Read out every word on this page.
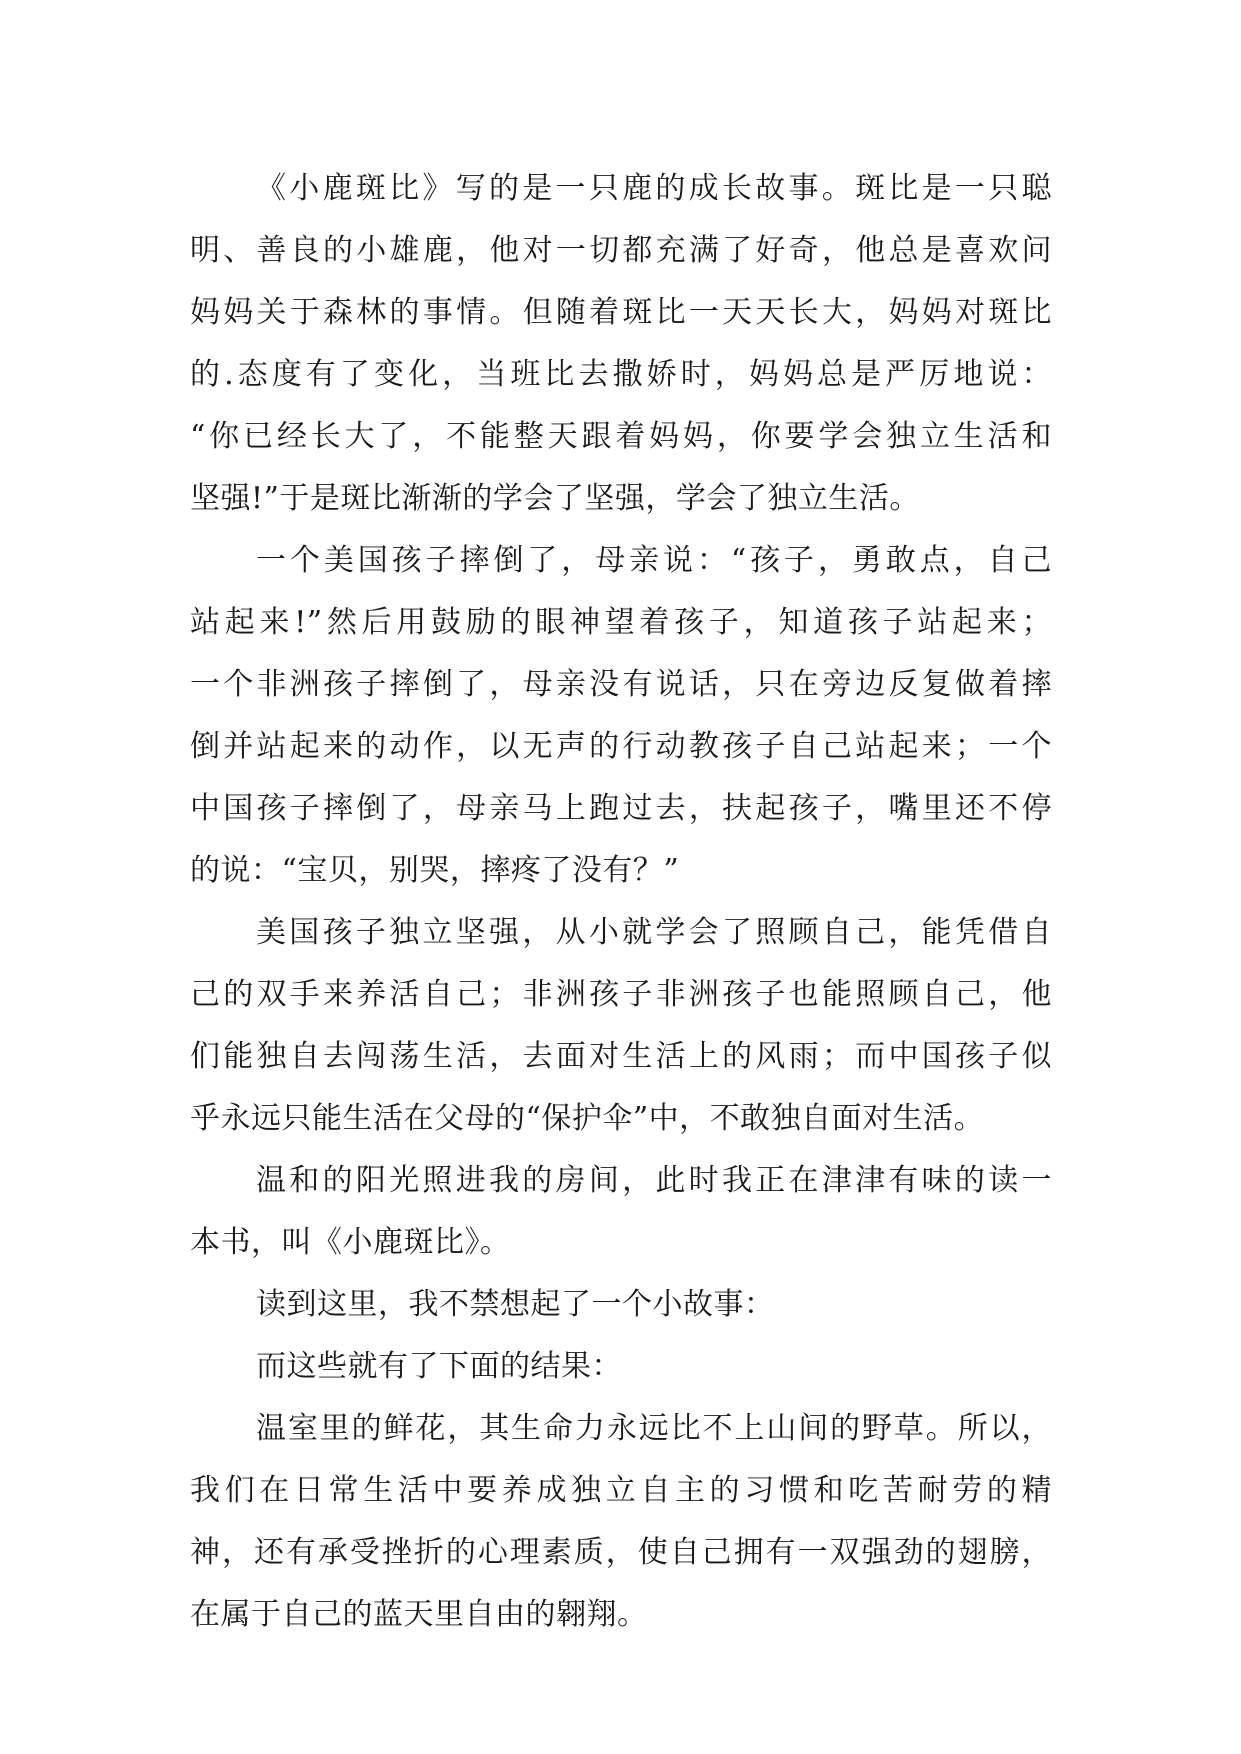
《小鹿斑比》写的是一只鹿的成长故事。斑比是一只聪
明、善良的小雄鹿，他对一切都充满了好奇，他总是喜欢问
妈妈关于森林的事情。但随着斑比一天天长大，妈妈对斑比
的.态度有了变化，当班比去撒娇时，妈妈总是严厉地说：
“你已经长大了，不能整天跟着妈妈，你要学会独立生活和
坚强!”于是斑比渐渐的学会了坚强，学会了独立生活。
一个美国孩子摔倒了，母亲说：“孩子，勇敢点，自己
站起来!”然后用鼓励的眼神望着孩子，知道孩子站起来；
一个非洲孩子摔倒了，母亲没有说话，只在旁边反复做着摔
倒并站起来的动作，以无声的行动教孩子自己站起来；一个
中国孩子摔倒了，母亲马上跑过去，扶起孩子，嘴里还不停
的说：“宝贝，别哭，摔疼了没有？”
美国孩子独立坚强，从小就学会了照顾自己，能凭借自
己的双手来养活自己；非洲孩子非洲孩子也能照顾自己，他
们能独自去闯荡生活，去面对生活上的风雨；而中国孩子似
乎永远只能生活在父母的“保护伞”中，不敢独自面对生活。
温和的阳光照进我的房间，此时我正在津津有味的读一
本书，叫《小鹿斑比》。
读到这里，我不禁想起了一个小故事：
而这些就有了下面的结果：
温室里的鲜花，其生命力永远比不上山间的野草。所以，
我们在日常生活中要养成独立自主的习惯和吃苦耐劳的精
神，还有承受挫折的心理素质，使自己拥有一双强劲的翅膀，
在属于自己的蓝天里自由的翱翔。
